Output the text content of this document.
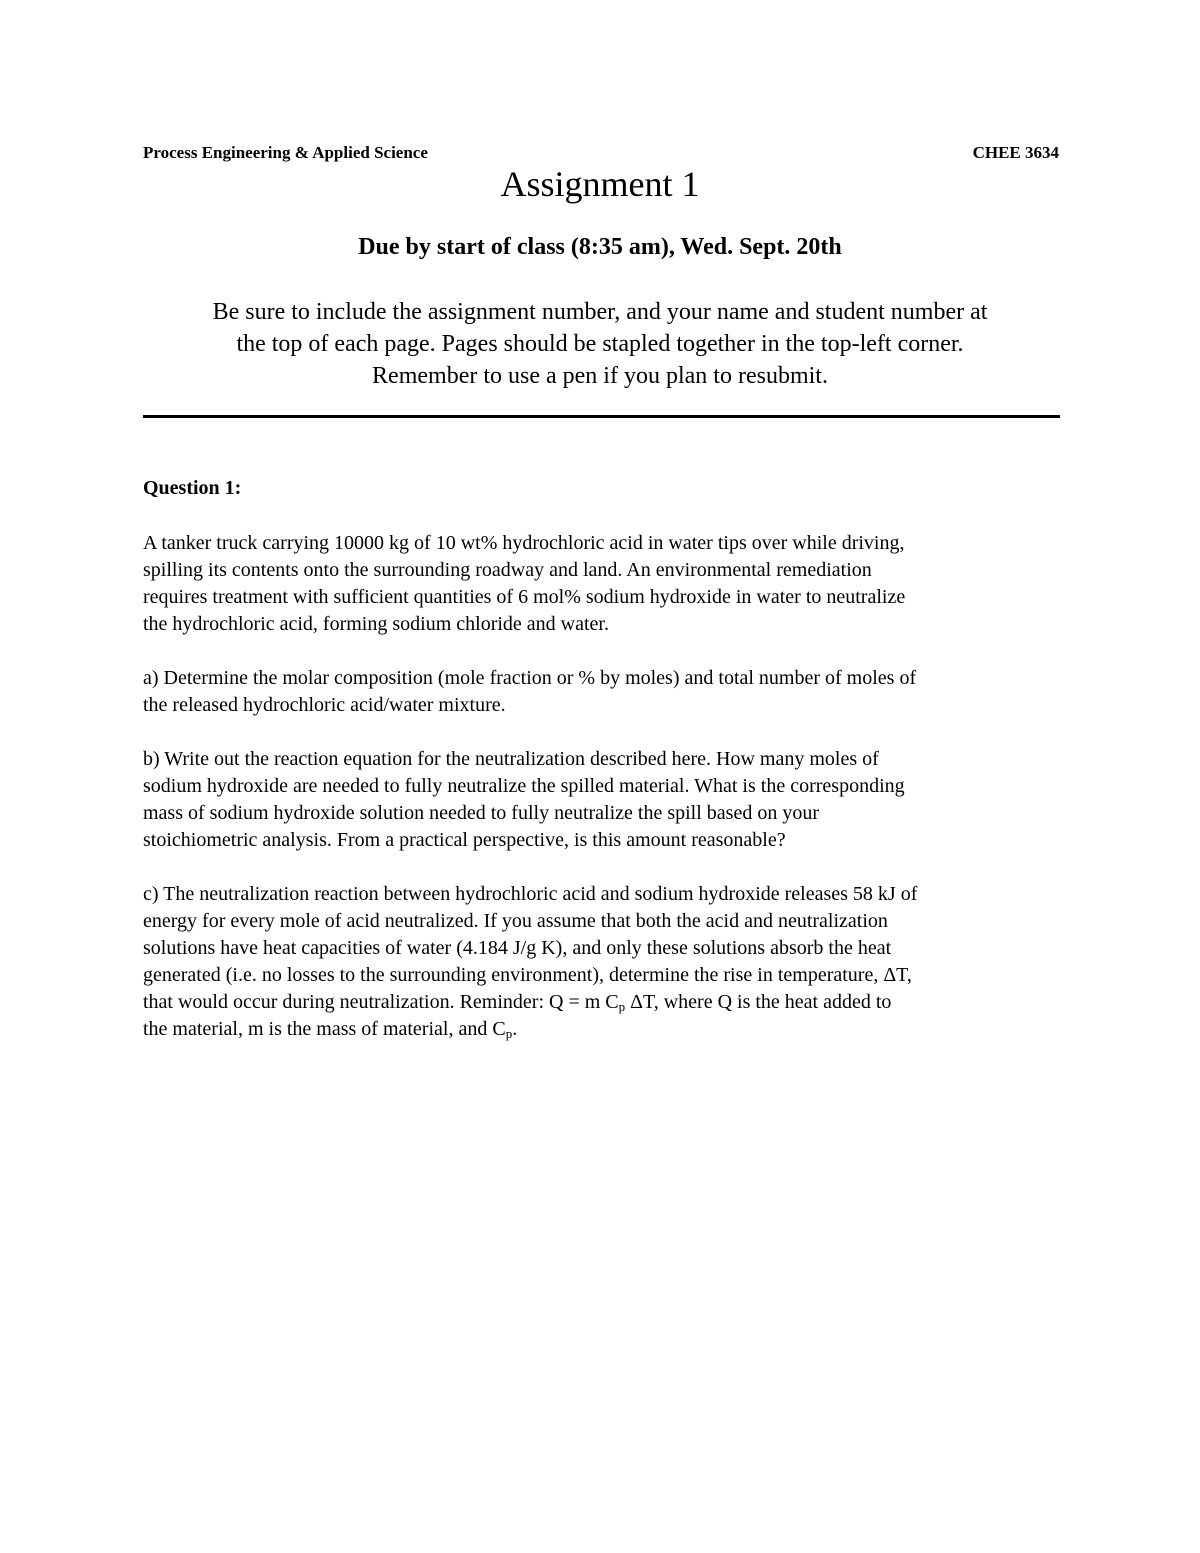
Process Engineering & Applied Science	CHEE 3634
Assignment 1
Due by start of class (8:35 am), Wed. Sept. 20th
Be sure to include the assignment number, and your name and student number at
the top of each page. Pages should be stapled together in the top-left corner.
Remember to use a pen if you plan to resubmit.
Question 1:
A tanker truck carrying 10000 kg of 10 wt% hydrochloric acid in water tips over while driving,
spilling its contents onto the surrounding roadway and land. An environmental remediation
requires treatment with sufficient quantities of 6 mol% sodium hydroxide in water to neutralize
the hydrochloric acid, forming sodium chloride and water.
a) Determine the molar composition (mole fraction or % by moles) and total number of moles of
the released hydrochloric acid/water mixture.
b) Write out the reaction equation for the neutralization described here. How many moles of
sodium hydroxide are needed to fully neutralize the spilled material. What is the corresponding
mass of sodium hydroxide solution needed to fully neutralize the spill based on your
stoichiometric analysis. From a practical perspective, is this amount reasonable?
c) The neutralization reaction between hydrochloric acid and sodium hydroxide releases 58 kJ of
energy for every mole of acid neutralized. If you assume that both the acid and neutralization
solutions have heat capacities of water (4.184 J/g K), and only these solutions absorb the heat
generated (i.e. no losses to the surrounding environment), determine the rise in temperature, ΔT,
that would occur during neutralization. Reminder: Q = m $C_p$ ΔT, where Q is the heat added to
the material, m is the mass of material, and $C_p$.
